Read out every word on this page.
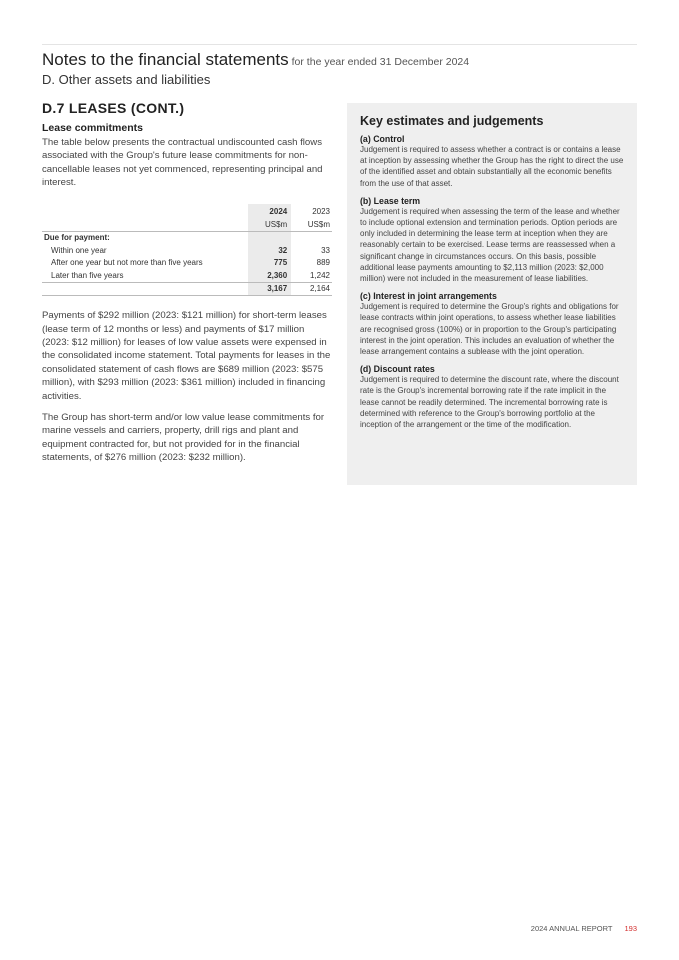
Notes to the financial statements for the year ended 31 December 2024
D. Other assets and liabilities
D.7 LEASES (CONT.)
Lease commitments

The table below presents the contractual undiscounted cash flows associated with the Group's future lease commitments for non-cancellable leases not yet commenced, representing principal and interest.

	2024	2023
	US$m	US$m
Due for payment:		
Within one year	32	33
After one year but not more than five years	775	889
Later than five years	2,360	1,242
	3,167	2,164

Payments of $292 million (2023: $121 million) for short-term leases (lease term of 12 months or less) and payments of $17 million (2023: $12 million) for leases of low value assets were expensed in the consolidated income statement. Total payments for leases in the consolidated statement of cash flows are $689 million (2023: $575 million), with $293 million (2023: $361 million) included in financing activities.

The Group has short-term and/or low value lease commitments for marine vessels and carriers, property, drill rigs and plant and equipment contracted for, but not provided for in the financial statements, of $276 million (2023: $232 million).

Key estimates and judgements
(a) Control

Judgement is required to assess whether a contract is or contains a lease at inception by assessing whether the Group has the right to direct the use of the identified asset and obtain substantially all the economic benefits from the use of that asset.

(b) Lease term

Judgement is required when assessing the term of the lease and whether to include optional extension and termination periods. Option periods are only included in determining the lease term at inception when they are reasonably certain to be exercised. Lease terms are reassessed when a significant change in circumstances occurs. On this basis, possible additional lease payments amounting to $2,113 million (2023: $2,000 million) were not included in the measurement of lease liabilities.

(c) Interest in joint arrangements

Judgement is required to determine the Group's rights and obligations for lease contracts within joint operations, to assess whether lease liabilities are recognised gross (100%) or in proportion to the Group's participating interest in the joint operation. This includes an evaluation of whether the lease arrangement contains a sublease with the joint operation.

(d) Discount rates

Judgement is required to determine the discount rate, where the discount rate is the Group's incremental borrowing rate if the rate implicit in the lease cannot be readily determined. The incremental borrowing rate is determined with reference to the Group's borrowing portfolio at the inception of the arrangement or the time of the modification.

2024 ANNUAL REPORT 193
